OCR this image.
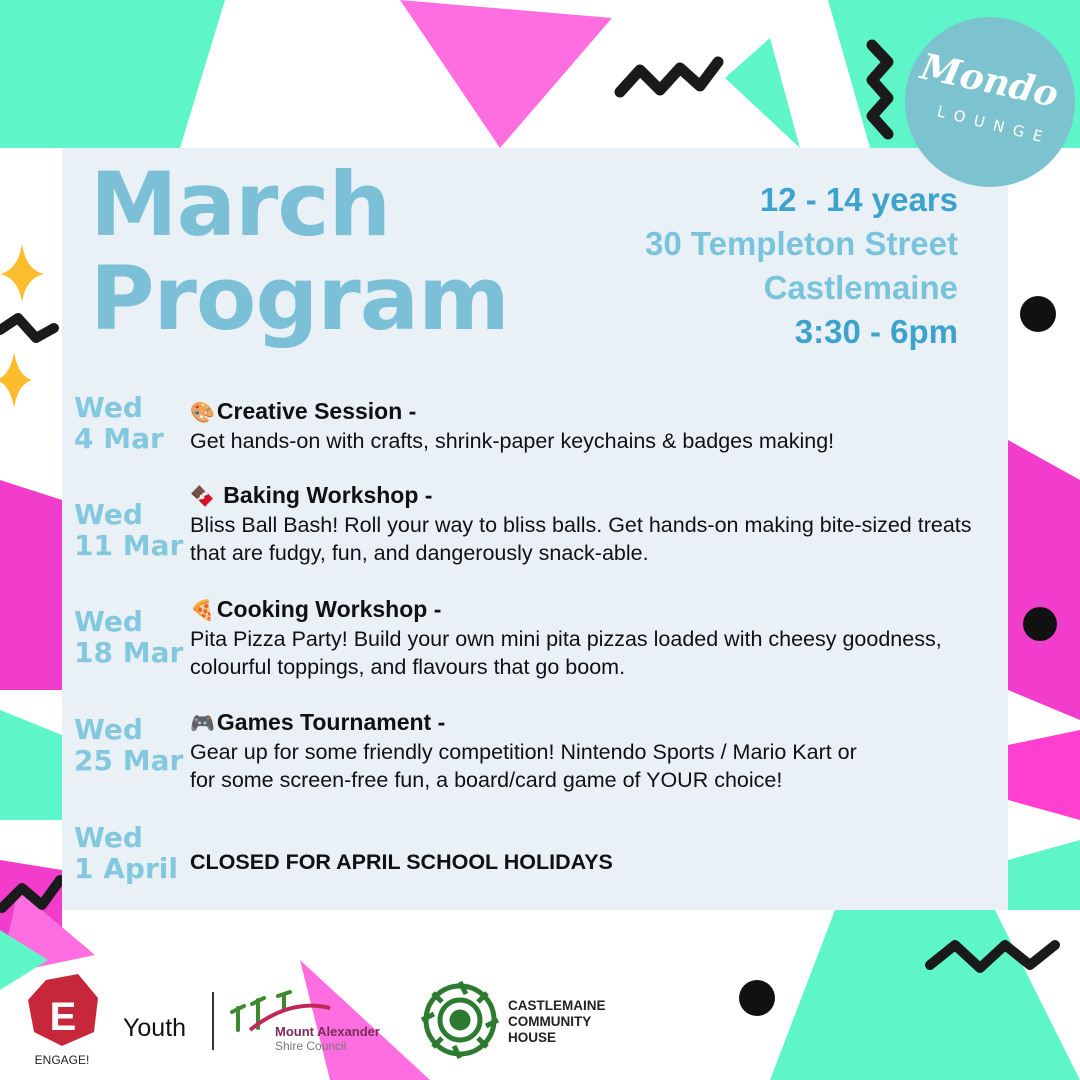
Mondo
LOUNGE
March
Program
12 - 14 years
30 Templeton Street
Castlemaine
3:30 - 6pm
Wed
4 Mar
🎨Creative Session -
Get hands-on with crafts, shrink-paper keychains & badges making!
Wed
11 Mar
🍫 Baking Workshop -
Bliss Ball Bash! Roll your way to bliss balls. Get hands-on making bite-sized treats that are fudgy, fun, and dangerously snack-able.
Wed
18 Mar
🍕Cooking Workshop -
Pita Pizza Party! Build your own mini pita pizzas loaded with cheesy goodness, colourful toppings, and flavours that go boom.
Wed
25 Mar
🎮Games Tournament -
Gear up for some friendly competition! Nintendo Sports / Mario Kart or for some screen-free fun, a board/card game of YOUR choice!
Wed
1 April CLOSED FOR APRIL SCHOOL HOLIDAYS
E
ENGAGE!
Youth	Mount Alexander
Shire Council
CASTLEMAINE
COMMUNITY
HOUSE
